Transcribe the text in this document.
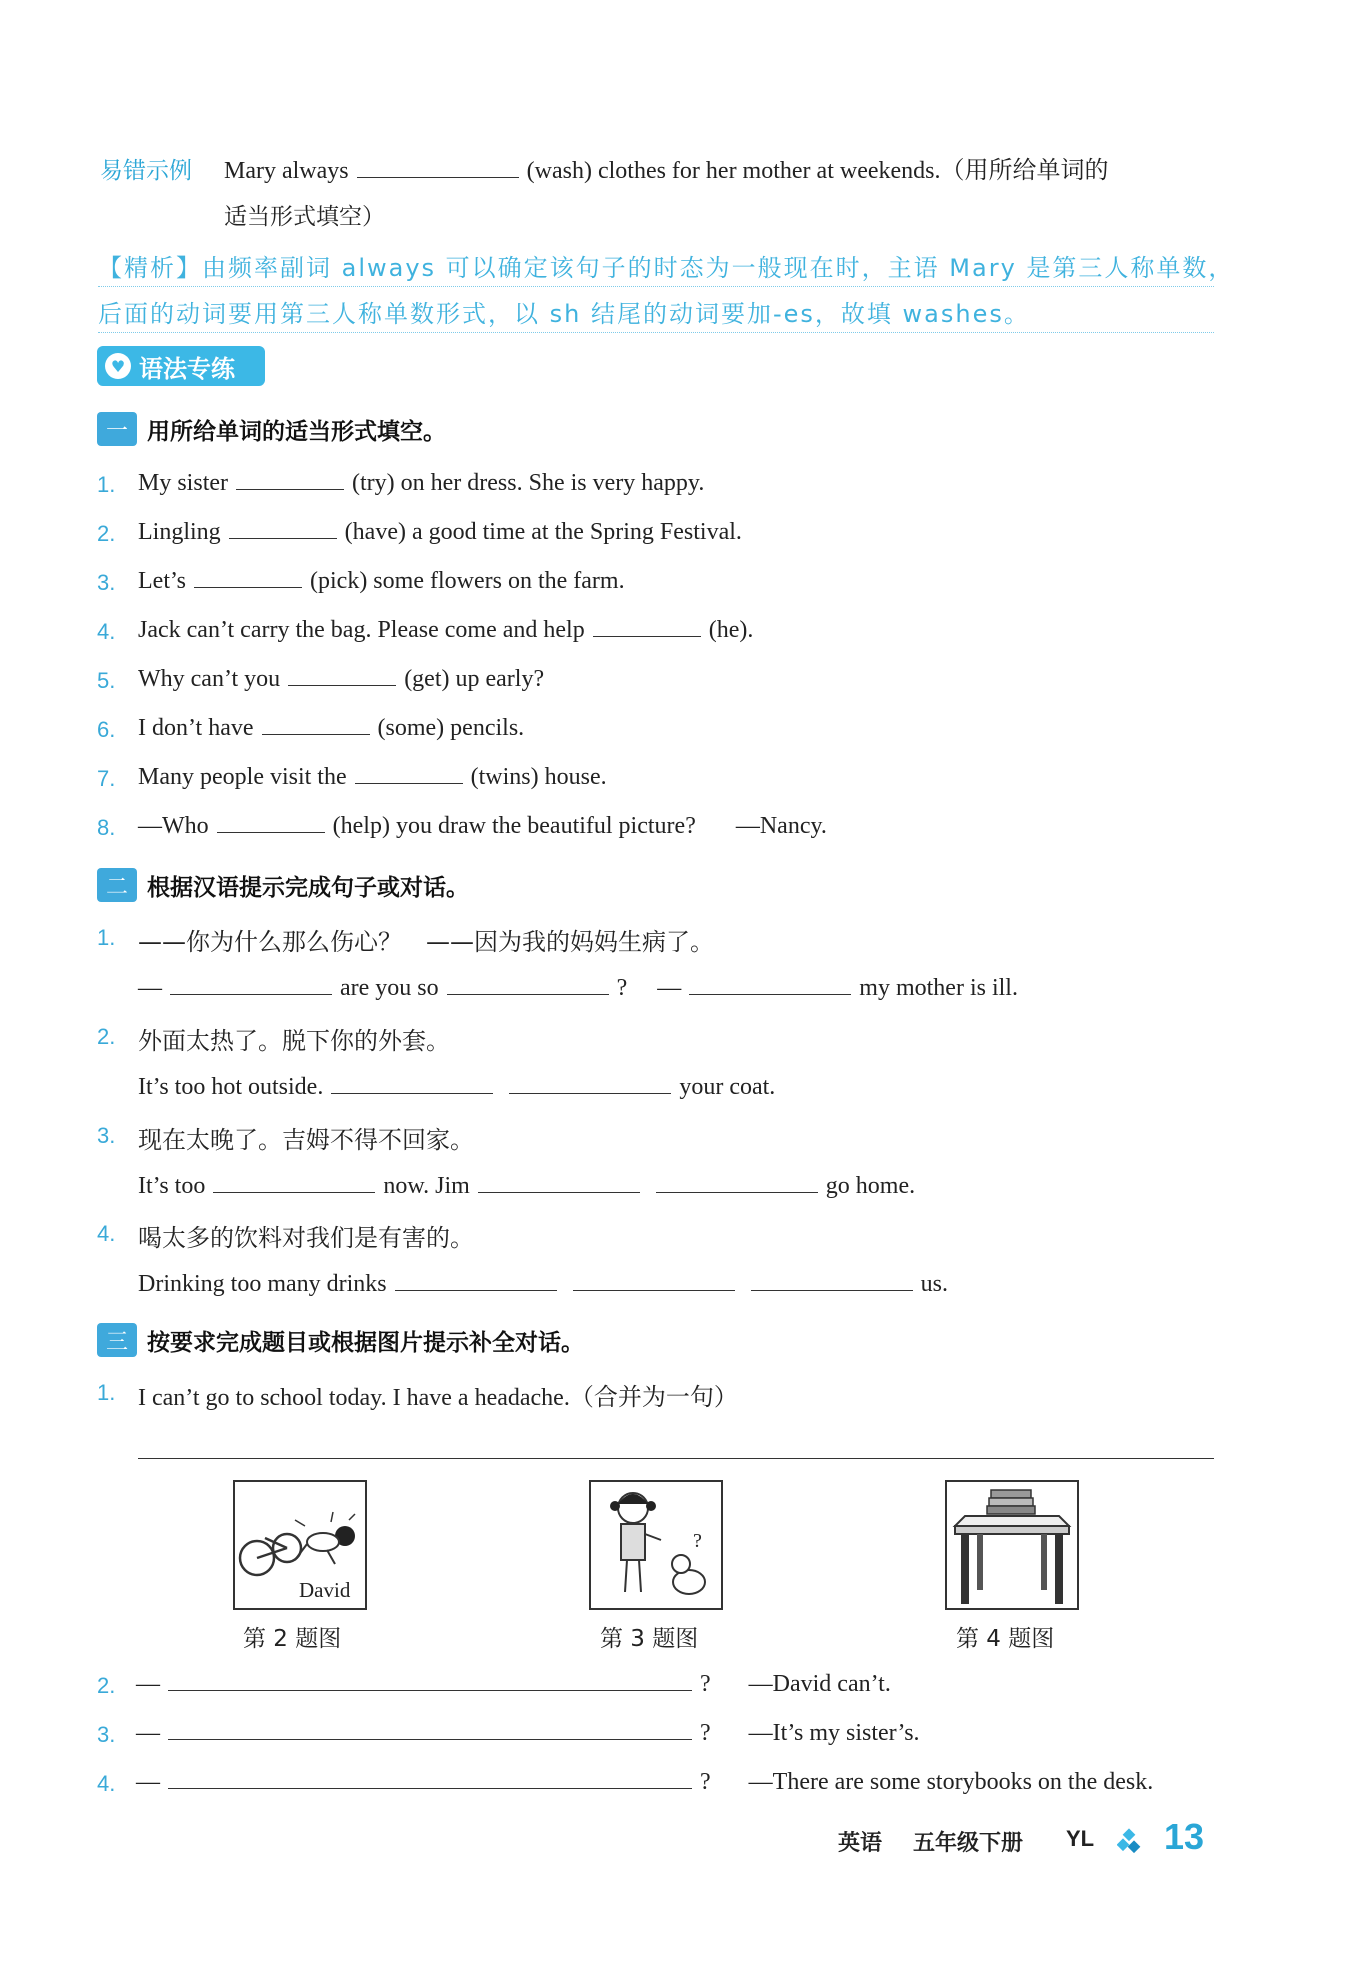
易错示例 Mary always	(wash) clothes for her mother at weekends.（用所给单词的
适当形式填空）
【精析】由频率副词 always 可以确定该句子的时态为一般现在时，主语 Mary 是第三人称单数，
后面的动词要用第三人称单数形式，以 sh 结尾的动词要加-es，故填 washes。
♥ 语法专练
一 用所给单词的适当形式填空。
1. My sister	(try) on her dress. She is very happy.
2. Lingling	(have) a good time at the Spring Festival.
3. Let’s	(pick) some flowers on the farm.
4. Jack can’t carry the bag. Please come and help	(he).
5. Why can’t you	(get) up early?
6. I don’t have	(some) pencils.
7. Many people visit the	(twins) house.
8. —Who	(help) you draw the beautiful picture? —Nancy.
二 根据汉语提示完成句子或对话。
1. ——你为什么那么伤心？　——因为我的妈妈生病了。
—	are you so	? —	my mother is ill.
2. 外面太热了。脱下你的外套。
It’s too hot outside.	your coat.
3. 现在太晚了。吉姆不得不回家。
It’s too	now. Jim	go home.
4. 喝太多的饮料对我们是有害的。
Drinking too many drinks	us.
三 按要求完成题目或根据图片提示补全对话。
1. I can’t go to school today. I have a headache.（合并为一句）
David
?
第 2 题图	第 3 题图	第 4 题图
2. —	? —David can’t.
3. —	? —It’s my sister’s.
4. —	? —There are some storybooks on the desk.
英语 五年级下册 YL 13
